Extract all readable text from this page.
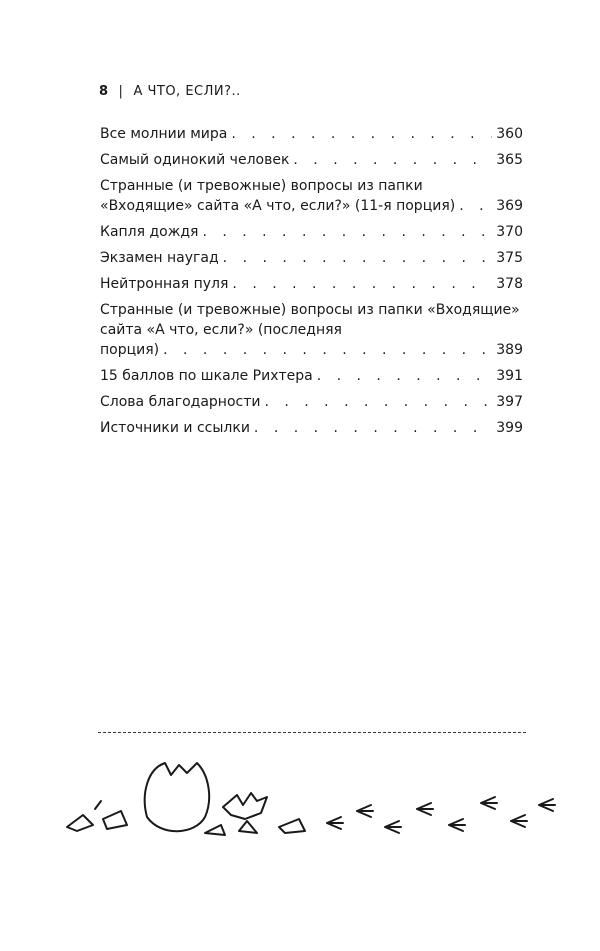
8 | А ЧТО, ЕСЛИ?..
Все молнии мира . . .	360
Самый одинокий человек . . .	365
Странные (и тревожные) вопросы из папки
«Входящие» сайта «А что, если?» (11-я порция) . . .	369
Капля дождя . . .	370
Экзамен наугад . . .	375
Нейтронная пуля . . .	378
Странные (и тревожные) вопросы из папки «Входящие» сайта «А что, если?» (последняя
порция) . . .	389
15 баллов по шкале Рихтера . . .	391
Слова благодарности . . .	397
Источники и ссылки . . .	399
